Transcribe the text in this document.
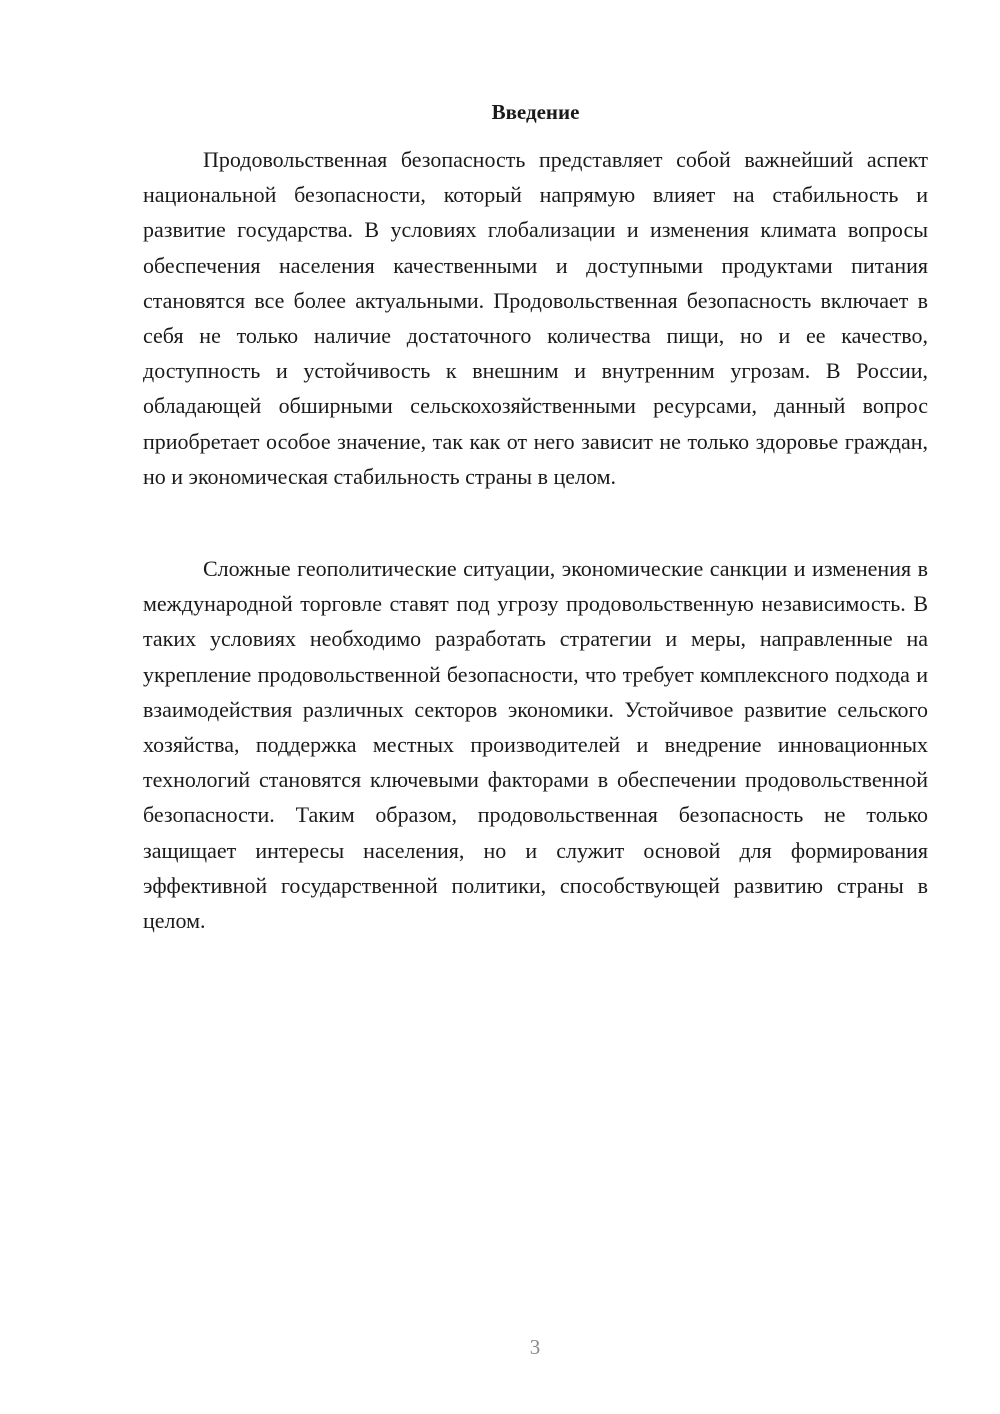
Введение

Продовольственная безопасность представляет собой важнейший аспект национальной безопасности, который напрямую влияет на стабильность и развитие государства. В условиях глобализации и изменения климата вопросы обеспечения населения качественными и доступными продуктами питания становятся все более актуальными. Продовольственная безопасность включает в себя не только наличие достаточного количества пищи, но и ее качество, доступность и устойчивость к внешним и внутренним угрозам. В России, обладающей обширными сельскохозяйственными ресурсами, данный вопрос приобретает особое значение, так как от него зависит не только здоровье граждан, но и экономическая стабильность страны в целом.

Сложные геополитические ситуации, экономические санкции и изменения в международной торговле ставят под угрозу продовольственную независимость. В таких условиях необходимо разработать стратегии и меры, направленные на укрепление продовольственной безопасности, что требует комплексного подхода и взаимодействия различных секторов экономики. Устойчивое развитие сельского хозяйства, поддержка местных производителей и внедрение инновационных технологий становятся ключевыми факторами в обеспечении продовольственной безопасности. Таким образом, продовольственная безопасность не только защищает интересы населения, но и служит основой для формирования эффективной государственной политики, способствующей развитию страны в целом.

3
